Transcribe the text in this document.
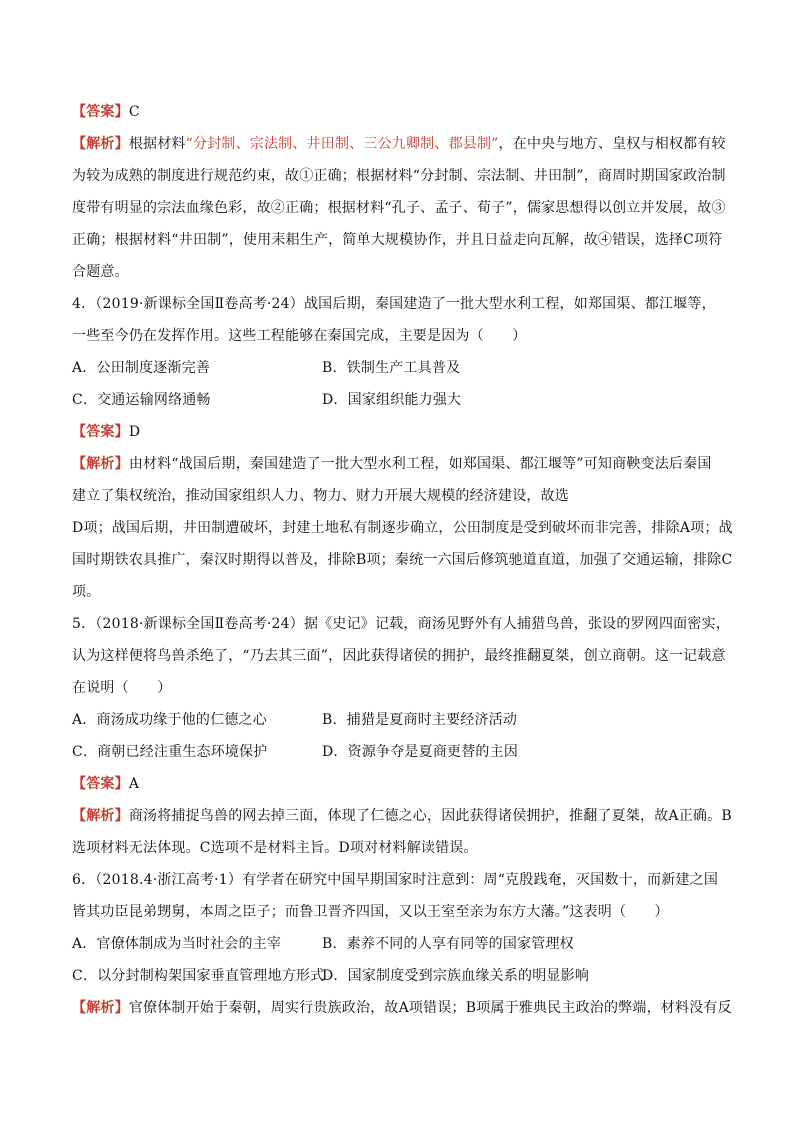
【答案】C
【解析】根据材料“分封制、宗法制、井田制、三公九卿制、郡县制”，在中央与地方、皇权与相权都有较
为较为成熟的制度进行规范约束，故①正确；根据材料“分封制、宗法制、井田制”，商周时期国家政治制
度带有明显的宗法血缘色彩，故②正确；根据材料“孔子、孟子、荀子”，儒家思想得以创立并发展，故③
正确；根据材料“井田制”，使用耒耜生产，简单大规模协作，并且日益走向瓦解，故④错误，选择C项符
合题意。
4．（2019·新课标全国Ⅱ卷高考·24）战国后期，秦国建造了一批大型水利工程，如郑国渠、都江堰等，
一些至今仍在发挥作用。这些工程能够在秦国完成，主要是因为（　　）
A．公田制度逐渐完善	B．铁制生产工具普及
C．交通运输网络通畅	D．国家组织能力强大
【答案】D
【解析】由材料“战国后期，秦国建造了一批大型水利工程，如郑国渠、都江堰等”可知商鞅变法后秦国
建立了集权统治，推动国家组织人力、物力、财力开展大规模的经济建设，故选
D项；战国后期，井田制遭破坏，封建土地私有制逐步确立，公田制度是受到破坏而非完善，排除A项；战
国时期铁农具推广，秦汉时期得以普及，排除B项；秦统一六国后修筑驰道直道，加强了交通运输，排除C
项。
5．（2018·新课标全国Ⅱ卷高考·24）据《史记》记载，商汤见野外有人捕猎鸟兽，张设的罗网四面密实，
认为这样便将鸟兽杀绝了，“乃去其三面”，因此获得诸侯的拥护，最终推翻夏桀，创立商朝。这一记载意
在说明（　　）
A．商汤成功缘于他的仁德之心	B．捕猎是夏商时主要经济活动
C．商朝已经注重生态环境保护	D．资源争夺是夏商更替的主因
【答案】A
【解析】商汤将捕捉鸟兽的网去掉三面，体现了仁德之心，因此获得诸侯拥护，推翻了夏桀，故A正确。B
选项材料无法体现。C选项不是材料主旨。D项对材料解读错误。
6．（2018.4·浙江高考·1）有学者在研究中国早期国家时注意到：周“克殷践奄，灭国数十，而新建之国
皆其功臣昆弟甥舅，本周之臣子；而鲁卫晋齐四国，又以王室至亲为东方大藩。”这表明（　　）
A．官僚体制成为当时社会的主宰	B．素养不同的人享有同等的国家管理权
C．以分封制构架国家垂直管理地方形式
D．国家制度受到宗族血缘关系的明显影响
【解析】官僚体制开始于秦朝，周实行贵族政治，故A项错误；B项属于雅典民主政治的弊端，材料没有反
